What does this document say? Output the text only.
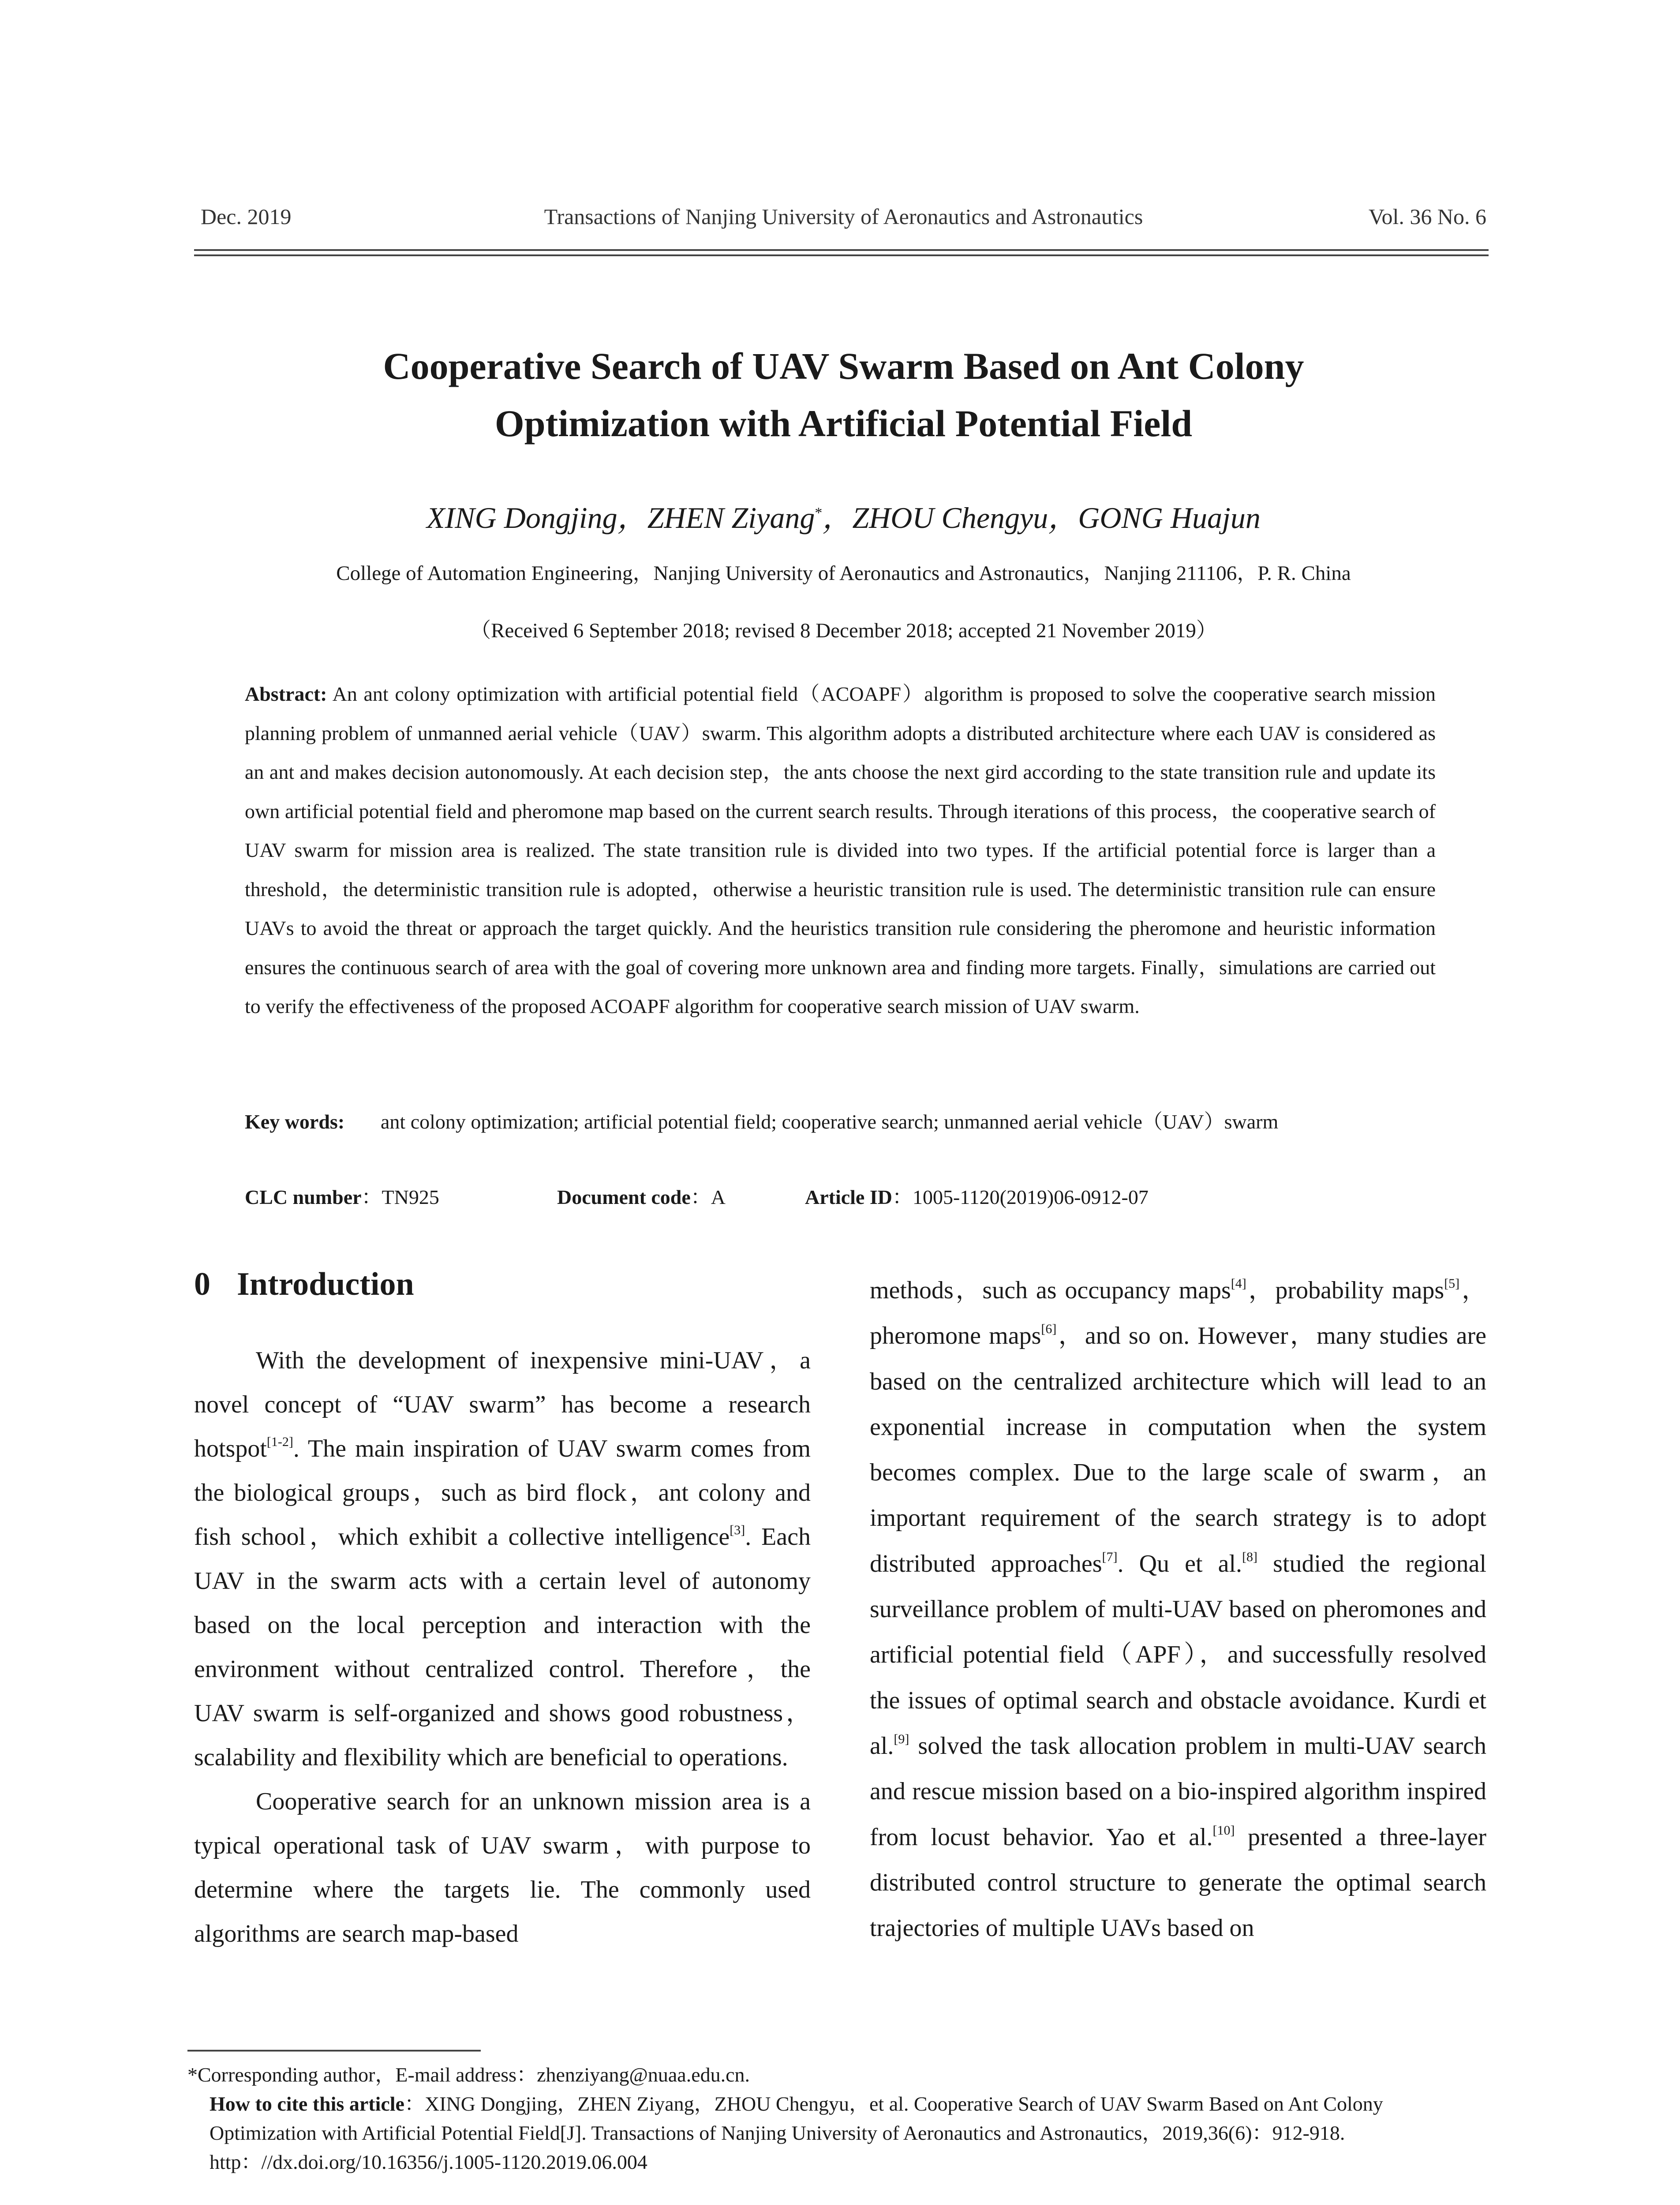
Dec. 2019	Transactions of Nanjing University of Aeronautics and Astronautics	Vol. 36 No. 6
Cooperative Search of UAV Swarm Based on Ant Colony
Optimization with Artificial Potential Field
XING Dongjing，ZHEN Ziyang*，ZHOU Chengyu，GONG Huajun
College of Automation Engineering，Nanjing University of Aeronautics and Astronautics，Nanjing 211106，P. R. China
（Received 6 September 2018; revised 8 December 2018; accepted 21 November 2019）

Abstract: An ant colony optimization with artificial potential field（ACOAPF）algorithm is proposed to solve the cooperative search mission planning problem of unmanned aerial vehicle（UAV）swarm. This algorithm adopts a distributed architecture where each UAV is considered as an ant and makes decision autonomously. At each decision step，the ants choose the next gird according to the state transition rule and update its own artificial potential field and pheromone map based on the current search results. Through iterations of this process，the cooperative search of UAV swarm for mission area is realized. The state transition rule is divided into two types. If the artificial potential force is larger than a threshold，the deterministic transition rule is adopted，otherwise a heuristic transition rule is used. The deterministic transition rule can ensure UAVs to avoid the threat or approach the target quickly. And the heuristics transition rule considering the pheromone and heuristic information ensures the continuous search of area with the goal of covering more unknown area and finding more targets. Finally，simulations are carried out to verify the effectiveness of the proposed ACOAPF algorithm for cooperative search mission of UAV swarm.

Key words: ant colony optimization; artificial potential field; cooperative search; unmanned aerial vehicle（UAV）swarm
CLC number：TN925	Document code：A	Article ID：1005-1120(2019)06-0912-07
0 Introduction

With the development of inexpensive mini-UAV，a novel concept of “UAV swarm” has become a research hotspot[1-2]. The main inspiration of UAV swarm comes from the biological groups，such as bird flock，ant colony and fish school，which exhibit a collective intelligence[3]. Each UAV in the swarm acts with a certain level of autonomy based on the local perception and interaction with the environment without centralized control. Therefore，the UAV swarm is self-organized and shows good robustness，scalability and flexibility which are beneficial to operations.

Cooperative search for an unknown mission area is a typical operational task of UAV swarm，with purpose to determine where the targets lie. The commonly used algorithms are search map-based

methods，such as occupancy maps[4]，probability maps[5]，pheromone maps[6]，and so on. However，many studies are based on the centralized architecture which will lead to an exponential increase in computation when the system becomes complex. Due to the large scale of swarm，an important requirement of the search strategy is to adopt distributed approaches[7]. Qu et al.[8] studied the regional surveillance problem of multi-UAV based on pheromones and artificial potential field（APF），and successfully resolved the issues of optimal search and obstacle avoidance. Kurdi et al.[9] solved the task allocation problem in multi-UAV search and rescue mission based on a bio-inspired algorithm inspired from locust behavior. Yao et al.[10] presented a three-layer distributed control structure to generate the optimal search trajectories of multiple UAVs based on

*Corresponding author，E-mail address：zhenziyang@nuaa.edu.cn.

How to cite this article：XING Dongjing，ZHEN Ziyang，ZHOU Chengyu，et al. Cooperative Search of UAV Swarm Based on Ant Colony Optimization with Artificial Potential Field[J]. Transactions of Nanjing University of Aeronautics and Astronautics，2019,36(6)：912-918.

http：//dx.doi.org/10.16356/j.1005-1120.2019.06.004
